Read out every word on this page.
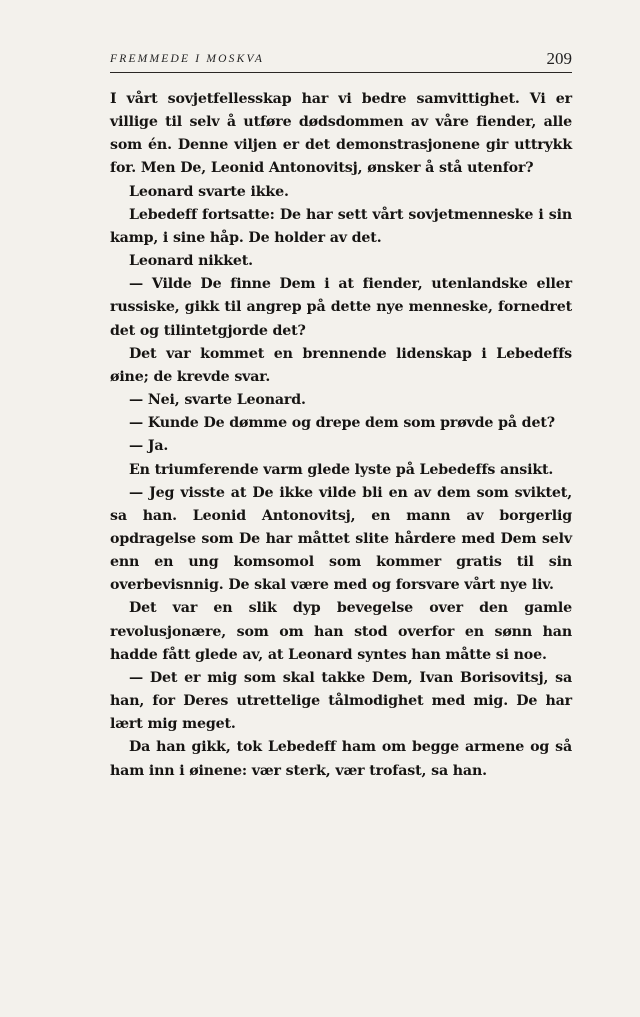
FREMMEDE I MOSKVA	209

I vårt sovjetfellesskap har vi bedre samvittighet. Vi er villige til selv å utføre dødsdommen av våre fiender, alle som én. Denne viljen er det demonstrasjonene gir uttrykk for. Men De, Leonid Antonovitsj, ønsker å stå utenfor?

Leonard svarte ikke.

Lebedeff fortsatte: De har sett vårt sovjetmenneske i sin kamp, i sine håp. De holder av det.

Leonard nikket.

— Vilde De finne Dem i at fiender, utenlandske eller russiske, gikk til angrep på dette nye menneske, fornedret det og tilintetgjorde det?

Det var kommet en brennende lidenskap i Lebedeffs øine; de krevde svar.

— Nei, svarte Leonard.

— Kunde De dømme og drepe dem som prøvde på det?

— Ja.

En triumferende varm glede lyste på Lebedeffs ansikt.

— Jeg visste at De ikke vilde bli en av dem som sviktet, sa han. Leonid Antonovitsj, en mann av borgerlig opdragelse som De har måttet slite hårdere med Dem selv enn en ung komsomol som kommer gratis til sin overbevisnnig. De skal være med og forsvare vårt nye liv.

Det var en slik dyp bevegelse over den gamle revolusjonære, som om han stod overfor en sønn han hadde fått glede av, at Leonard syntes han måtte si noe.

— Det er mig som skal takke Dem, Ivan Borisovitsj, sa han, for Deres utrettelige tålmodighet med mig. De har lært mig meget.

Da han gikk, tok Lebedeff ham om begge armene og så ham inn i øinene: vær sterk, vær trofast, sa han.
